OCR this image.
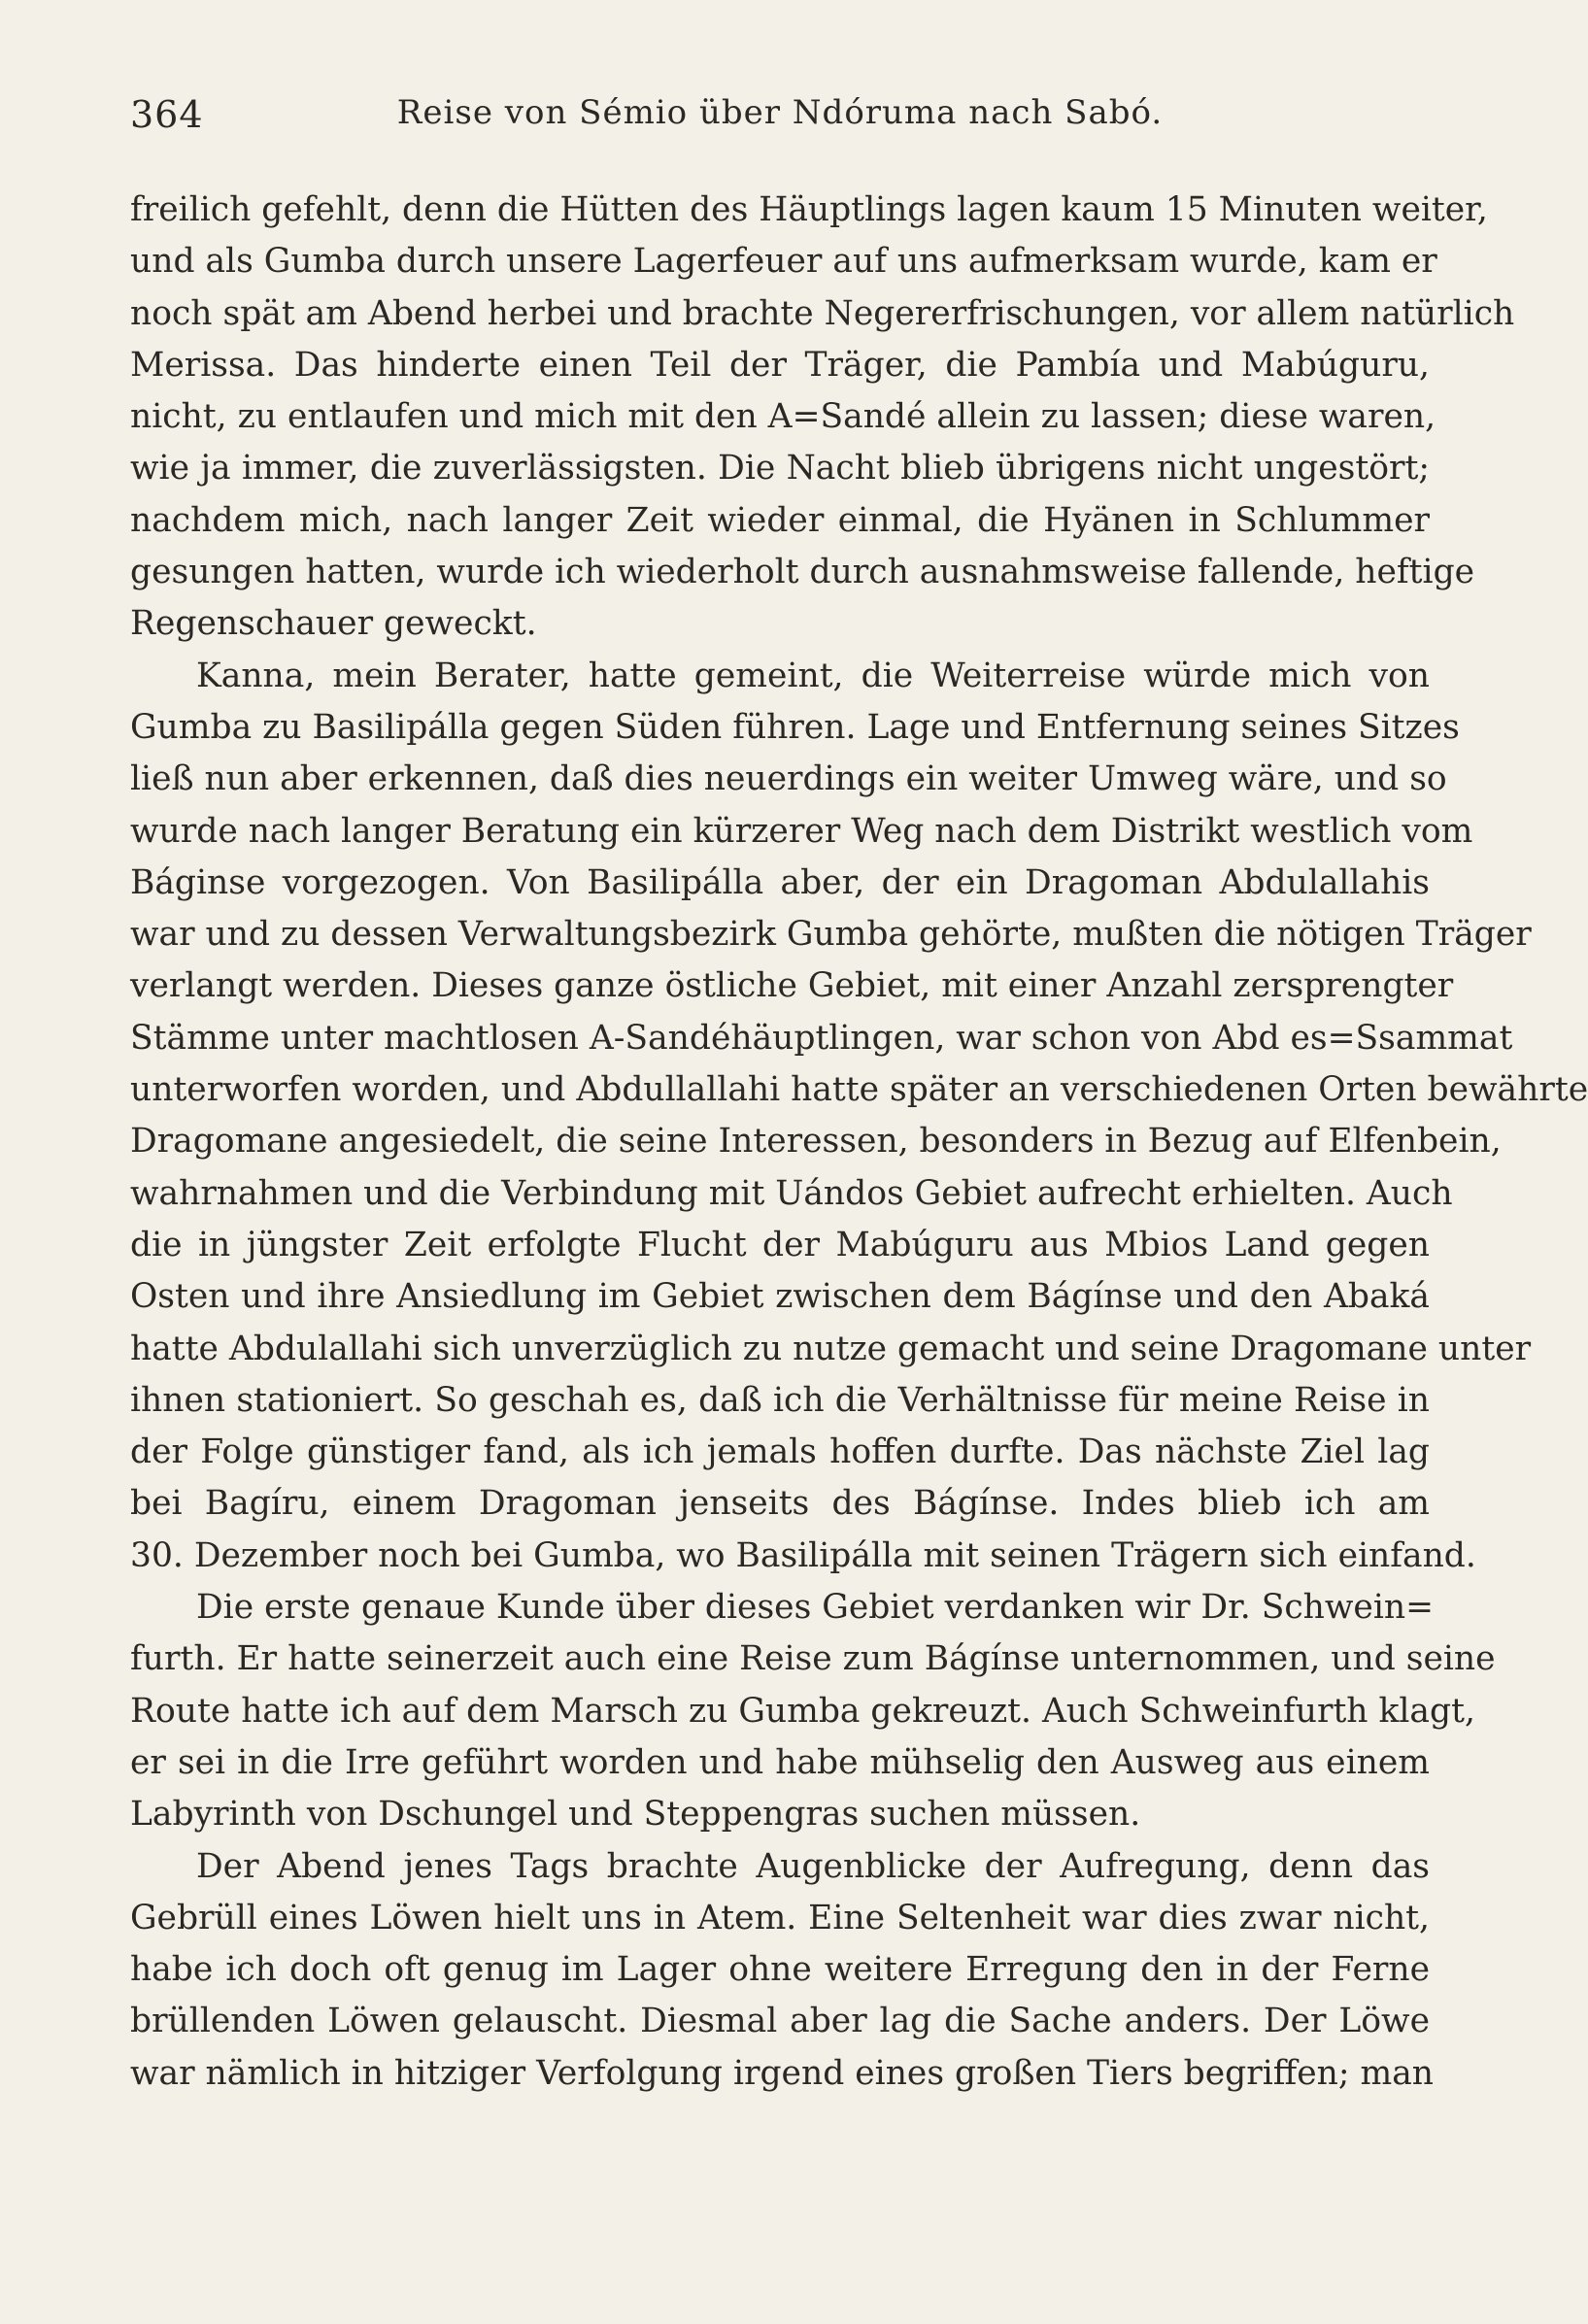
364	Reise von Sémio über Ndóruma nach Sabó.
freilich gefehlt, denn die Hütten des Häuptlings lagen kaum 15 Minuten weiter,
und als Gumba durch unsere Lagerfeuer auf uns aufmerksam wurde, kam er
noch spät am Abend herbei und brachte Negererfrischungen, vor allem natürlich
Merissa. Das hinderte einen Teil der Träger, die Pambía und Mabúguru,
nicht, zu entlaufen und mich mit den A=Sandé allein zu lassen; diese waren,
wie ja immer, die zuverlässigsten. Die Nacht blieb übrigens nicht ungestört;
nachdem mich, nach langer Zeit wieder einmal, die Hyänen in Schlummer
gesungen hatten, wurde ich wiederholt durch ausnahmsweise fallende, heftige
Regenschauer geweckt.
Kanna, mein Berater, hatte gemeint, die Weiterreise würde mich von
Gumba zu Basilipálla gegen Süden führen. Lage und Entfernung seines Sitzes
ließ nun aber erkennen, daß dies neuerdings ein weiter Umweg wäre, und so
wurde nach langer Beratung ein kürzerer Weg nach dem Distrikt westlich vom
Báginse vorgezogen. Von Basilipálla aber, der ein Dragoman Abdulallahis
war und zu dessen Verwaltungsbezirk Gumba gehörte, mußten die nötigen Träger
verlangt werden. Dieses ganze östliche Gebiet, mit einer Anzahl zersprengter
Stämme unter machtlosen A-Sandéhäuptlingen, war schon von Abd es=Ssammat
unterworfen worden, und Abdullallahi hatte später an verschiedenen Orten bewährte
Dragomane angesiedelt, die seine Interessen, besonders in Bezug auf Elfenbein,
wahrnahmen und die Verbindung mit Uándos Gebiet aufrecht erhielten. Auch
die in jüngster Zeit erfolgte Flucht der Mabúguru aus Mbios Land gegen
Osten und ihre Ansiedlung im Gebiet zwischen dem Bágínse und den Abaká
hatte Abdulallahi sich unverzüglich zu nutze gemacht und seine Dragomane unter
ihnen stationiert. So geschah es, daß ich die Verhältnisse für meine Reise in
der Folge günstiger fand, als ich jemals hoffen durfte. Das nächste Ziel lag
bei Bagíru, einem Dragoman jenseits des Bágínse. Indes blieb ich am
30. Dezember noch bei Gumba, wo Basilipálla mit seinen Trägern sich einfand.
Die erste genaue Kunde über dieses Gebiet verdanken wir Dr. Schwein=
furth. Er hatte seinerzeit auch eine Reise zum Bágínse unternommen, und seine
Route hatte ich auf dem Marsch zu Gumba gekreuzt. Auch Schweinfurth klagt,
er sei in die Irre geführt worden und habe mühselig den Ausweg aus einem
Labyrinth von Dschungel und Steppengras suchen müssen.
Der Abend jenes Tags brachte Augenblicke der Aufregung, denn das
Gebrüll eines Löwen hielt uns in Atem. Eine Seltenheit war dies zwar nicht,
habe ich doch oft genug im Lager ohne weitere Erregung den in der Ferne
brüllenden Löwen gelauscht. Diesmal aber lag die Sache anders. Der Löwe
war nämlich in hitziger Verfolgung irgend eines großen Tiers begriffen; man
